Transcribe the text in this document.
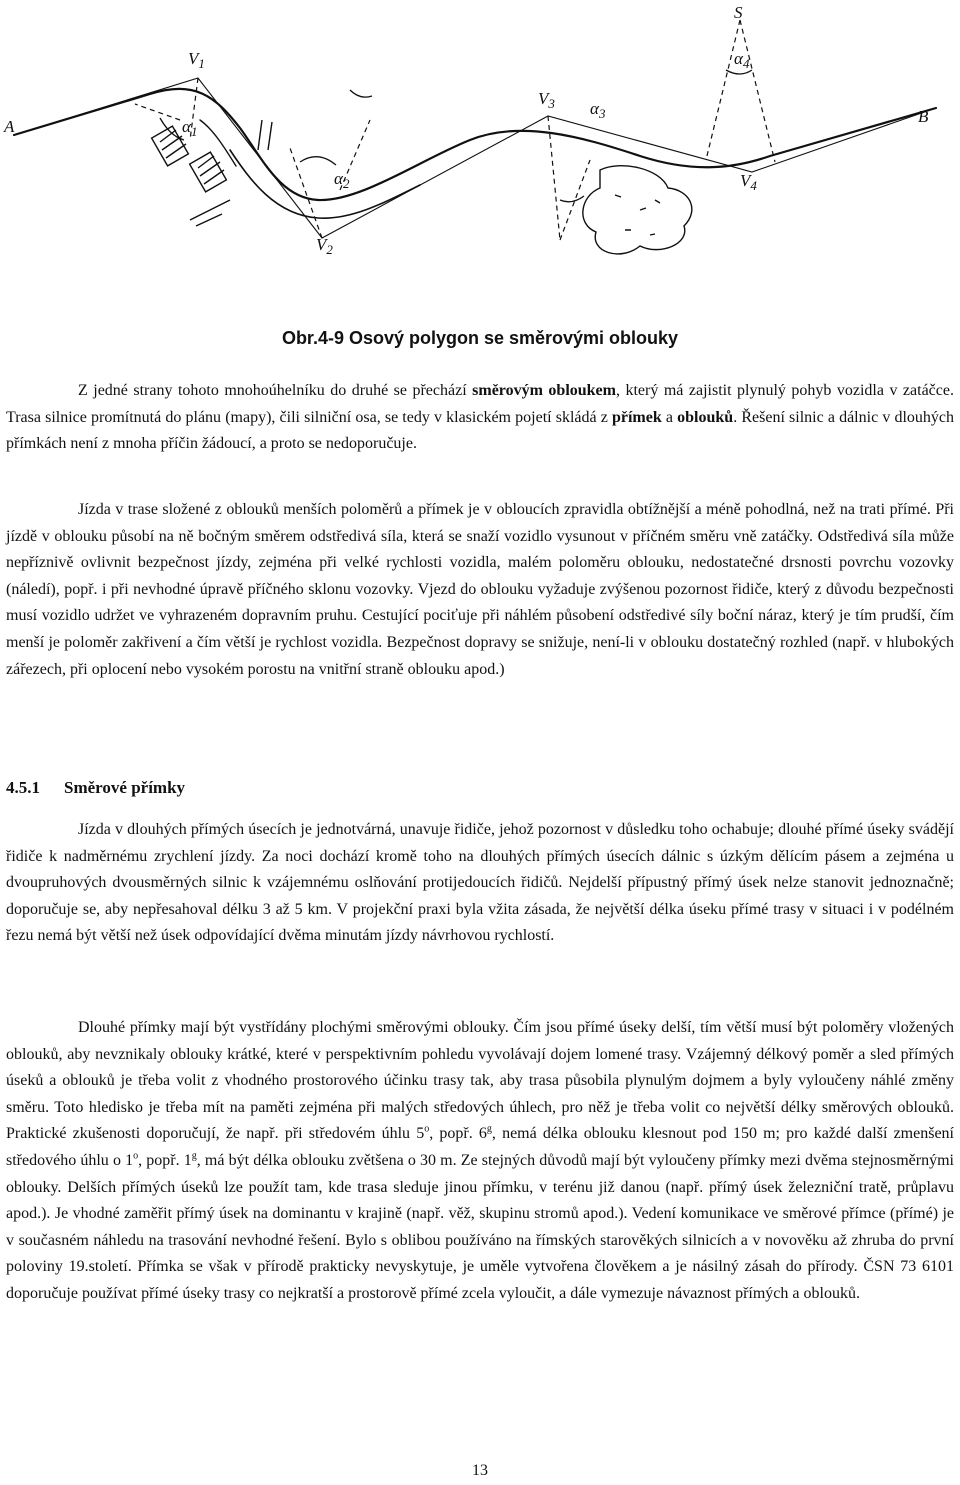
A
B
$V_1$
$V_2$
$V_3$
$V_4$
$\alpha_1$
$\alpha_2$
$\alpha_3$
$\alpha_4$
S
Obr.4-9 Osový polygon se směrovými oblouky

Z jedné strany tohoto mnohoúhelníku do druhé se přechází směrovým obloukem, který má zajistit plynulý pohyb vozidla v zatáčce. Trasa silnice promítnutá do plánu (mapy), čili silniční osa, se tedy v klasickém pojetí skládá z přímek a oblouků. Řešení silnic a dálnic v dlouhých přímkách není z mnoha příčin žádoucí, a proto se nedoporučuje.

Jízda v trase složené z oblouků menších poloměrů a přímek je v obloucích zpravidla obtížnější a méně pohodlná, než na trati přímé. Při jízdě v oblouku působí na ně bočným směrem odstředivá síla, která se snaží vozidlo vysunout v příčném směru vně zatáčky. Odstředivá síla může nepříznivě ovlivnit bezpečnost jízdy, zejména při velké rychlosti vozidla, malém poloměru oblouku, nedostatečné drsnosti povrchu vozovky (náledí), popř. i při nevhodné úpravě příčného sklonu vozovky. Vjezd do oblouku vyžaduje zvýšenou pozornost řidiče, který z důvodu bezpečnosti musí vozidlo udržet ve vyhrazeném dopravním pruhu. Cestující pociťuje při náhlém působení odstředivé síly boční náraz, který je tím prudší, čím menší je poloměr zakřivení a čím větší je rychlost vozidla. Bezpečnost dopravy se snižuje, není-li v oblouku dostatečný rozhled (např. v hlubokých zářezech, při oplocení nebo vysokém porostu na vnitřní straně oblouku apod.)

4.5.1 Směrové přímky

Jízda v dlouhých přímých úsecích je jednotvárná, unavuje řidiče, jehož pozornost v důsledku toho ochabuje; dlouhé přímé úseky svádějí řidiče k nadměrnému zrychlení jízdy. Za noci dochází kromě toho na dlouhých přímých úsecích dálnic s úzkým dělícím pásem a zejména u dvoupruhových dvousměrných silnic k vzájemnému oslňování protijedoucích řidičů. Nejdelší přípustný přímý úsek nelze stanovit jednoznačně; doporučuje se, aby nepřesahoval délku 3 až 5 km. V projekční praxi byla vžita zásada, že největší délka úseku přímé trasy v situaci i v podélném řezu nemá být větší než úsek odpovídající dvěma minutám jízdy návrhovou rychlostí.

Dlouhé přímky mají být vystřídány plochými směrovými oblouky. Čím jsou přímé úseky delší, tím větší musí být poloměry vložených oblouků, aby nevznikaly oblouky krátké, které v perspektivním pohledu vyvolávají dojem lomené trasy. Vzájemný délkový poměr a sled přímých úseků a oblouků je třeba volit z vhodného prostorového účinku trasy tak, aby trasa působila plynulým dojmem a byly vyloučeny náhlé změny směru. Toto hledisko je třeba mít na paměti zejména při malých středových úhlech, pro něž je třeba volit co největší délky směrových oblouků. Praktické zkušenosti doporučují, že např. při středovém úhlu 5$^o$, popř. 6$^g$, nemá délka oblouku klesnout pod 150 m; pro každé další zmenšení středového úhlu o 1$^o$, popř. 1$^g$, má být délka oblouku zvětšena o 30 m. Ze stejných důvodů mají být vyloučeny přímky mezi dvěma stejnosměrnými oblouky. Delších přímých úseků lze použít tam, kde trasa sleduje jinou přímku, v terénu již danou (např. přímý úsek železniční tratě, průplavu apod.). Je vhodné zaměřit přímý úsek na dominantu v krajině (např. věž, skupinu stromů apod.). Vedení komunikace ve směrové přímce (přímé) je v současném náhledu na trasování nevhodné řešení. Bylo s oblibou používáno na římských starověkých silnicích a v novověku až zhruba do první poloviny 19.století. Přímka se však v přírodě prakticky nevyskytuje, je uměle vytvořena člověkem a je násilný zásah do přírody. ČSN 73 6101 doporučuje používat přímé úseky trasy co nejkratší a prostorově přímé zcela vyloučit, a dále vymezuje návaznost přímých a oblouků.

13
